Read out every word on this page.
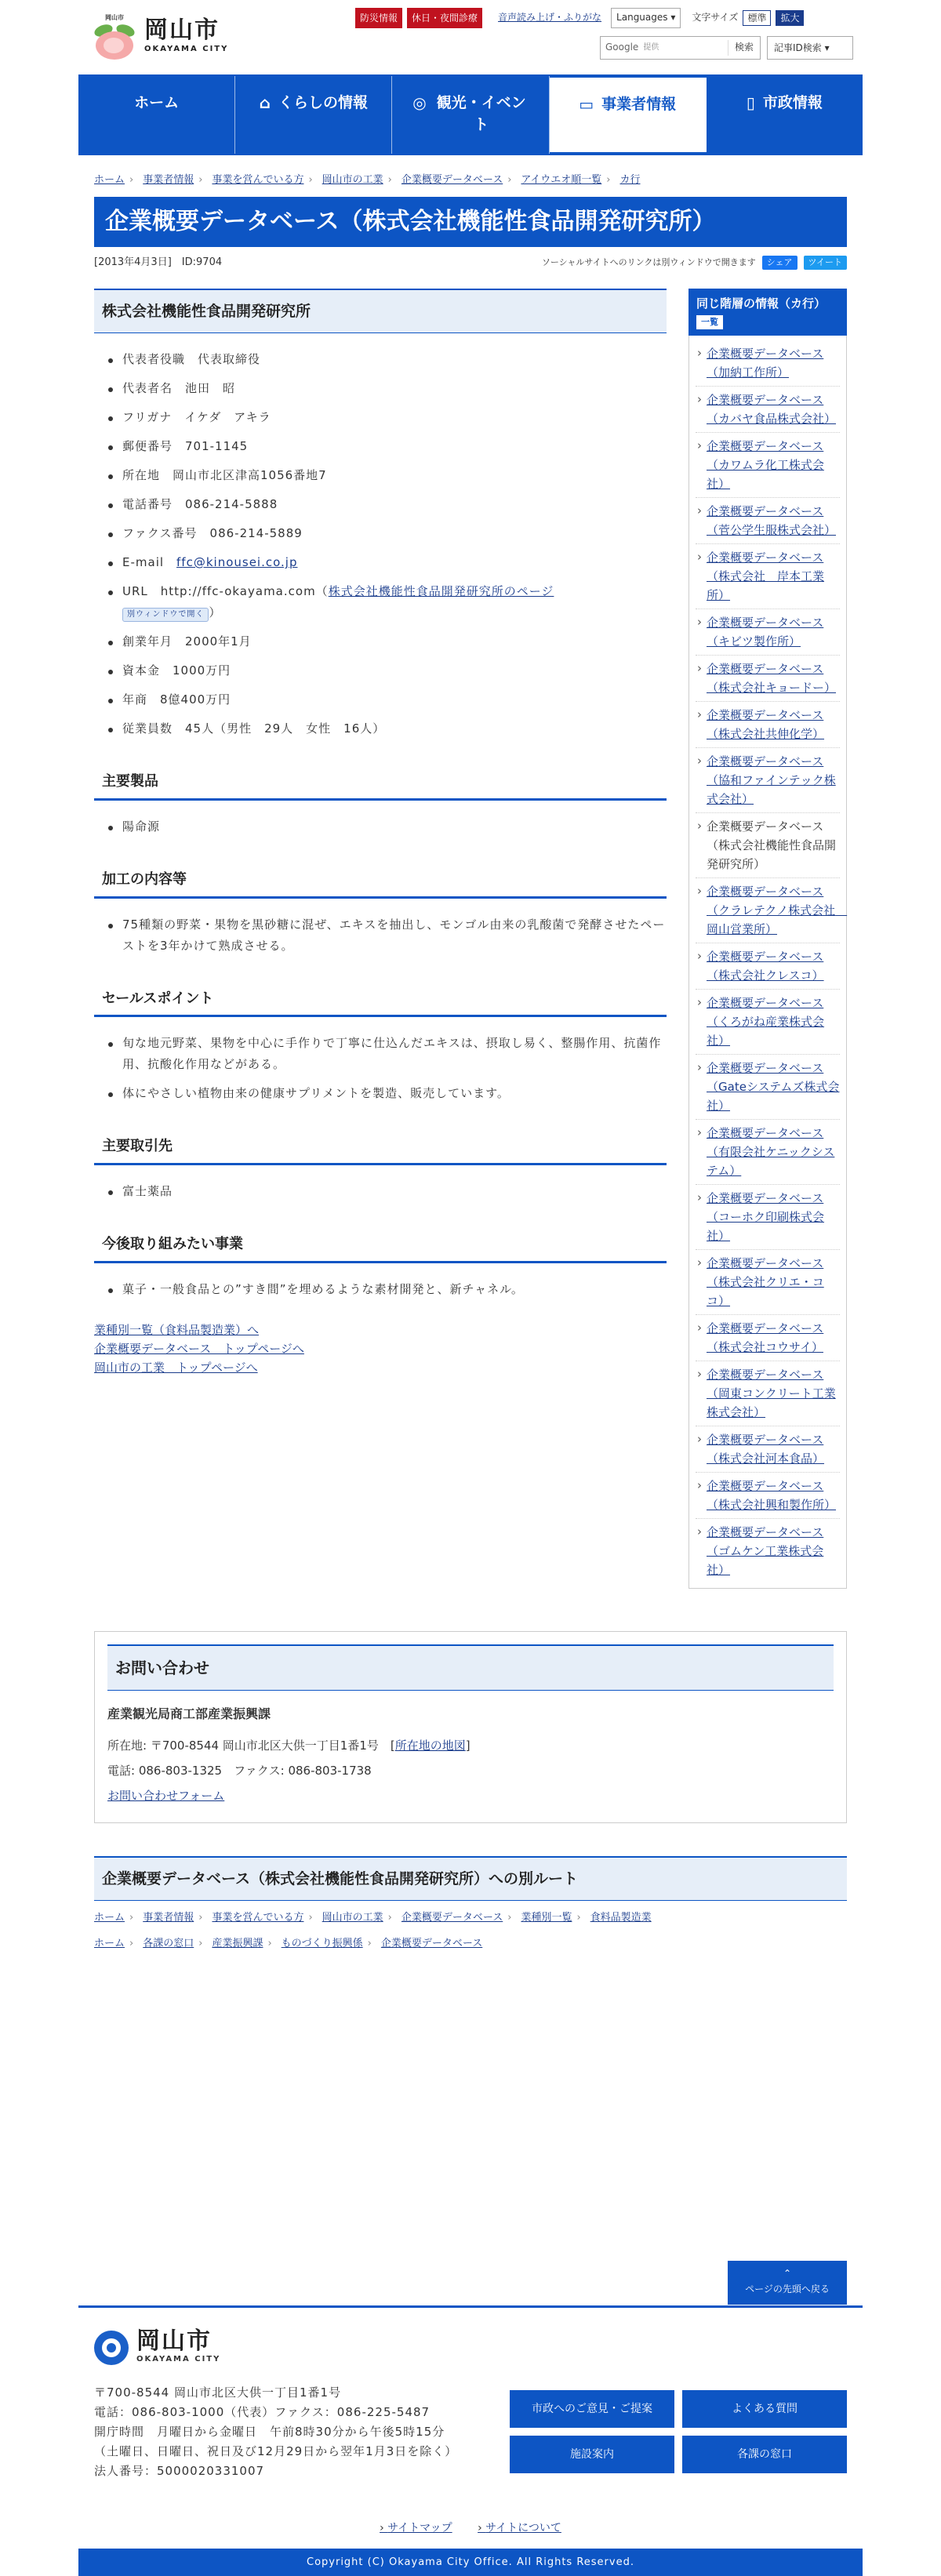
岡山市 岡山市
OKAYAMA CITY
防災情報	休日・夜間診療	音声読み上げ・ふりがな	Languages ▾	文字サイズ	標準	拡大
Google 提供	検索	記事ID検索 ▾
ホーム	⌂ くらしの情報	◎ 観光・イベント
▭ 事業者情報	▯ 市政情報
ホーム › 事業者情報 › 事業を営んでいる方 › 岡山市の工業 › 企業概要データベース › アイウエオ順一覧 › カ行
企業概要データベース（株式会社機能性食品開発研究所）
[2013年4月3日]　 ID:9704	ソーシャルサイトへのリンクは別ウィンドウで開きます	シェア	ツイート
株式会社機能性食品開発研究所
代表者役職　代表取締役
代表者名　池田　昭
フリガナ　イケダ　アキラ
郵便番号　701-1145
所在地　岡山市北区津高1056番地7
電話番号　086-214-5888
ファクス番号　086-214-5889
E-mail　ffc@kinousei.co.jp
URL　http://ffc-okayama.com（株式会社機能性食品開発研究所のページ
別ウィンドウで開く ）
創業年月　2000年1月
資本金　1000万円
年商　8億400万円
従業員数　45人（男性　29人　女性　16人）
主要製品
陽命源
加工の内容等
75種類の野菜・果物を黒砂糖に混ぜ、エキスを抽出し、モンゴル由来の乳酸菌で発酵させたペーストを3年かけて熟成させる。
セールスポイント
旬な地元野菜、果物を中心に手作りで丁寧に仕込んだエキスは、摂取し易く、整腸作用、抗菌作用、抗酸化作用などがある。
体にやさしい植物由来の健康サプリメントを製造、販売しています。
主要取引先
富士薬品
今後取り組みたい事業
菓子・一般食品との”すき間”を埋めるような素材開発と、新チャネル。
業種別一覧（食料品製造業）へ
企業概要データベース　トップページへ
岡山市の工業　トップページへ
同じ階層の情報（カ行）
一覧
› 企業概要データベース（加納工作所）
› 企業概要データベース（カバヤ食品株式会社）
› 企業概要データベース（カワムラ化工株式会社）
› 企業概要データベース（菅公学生服株式会社）
› 企業概要データベース（株式会社　岸本工業所）
› 企業概要データベース（キビツ製作所）
› 企業概要データベース（株式会社キョードー）
› 企業概要データベース（株式会社共伸化学）
› 企業概要データベース（協和ファインテック株式会社）
› 企業概要データベース（株式会社機能性食品開発研究所）
› 企業概要データベース（クラレテクノ株式会社　岡山営業所）
› 企業概要データベース（株式会社クレスコ）
› 企業概要データベース（くろがね産業株式会社）
› 企業概要データベース（Gateシステムズ株式会社）
› 企業概要データベース（有限会社ケニックシステム）
› 企業概要データベース（コーホク印刷株式会社）
› 企業概要データベース（株式会社クリエ・ココ）
› 企業概要データベース（株式会社コウサイ）
› 企業概要データベース（岡東コンクリート工業株式会社）
› 企業概要データベース（株式会社河本食品）
› 企業概要データベース（株式会社興和製作所）
› 企業概要データベース（ゴムケン工業株式会社）
お問い合わせ
産業観光局商工部産業振興課
所在地: 〒700-8544 岡山市北区大供一丁目1番1号　[所在地の地図]
電話: 086-803-1325　ファクス: 086-803-1738
お問い合わせフォーム
企業概要データベース（株式会社機能性食品開発研究所）への別ルート
ホーム › 事業者情報 › 事業を営んでいる方 › 岡山市の工業 › 企業概要データベース › 業種別一覧 › 食料品製造業
ホーム › 各課の窓口 › 産業振興課 › ものづくり振興係 › 企業概要データベース
⌃
ページの先頭へ戻る
岡山市
OKAYAMA CITY
〒700-8544 岡山市北区大供一丁目1番1号
電話：086-803-1000（代表）ファクス：086-225-5487
開庁時間　月曜日から金曜日　午前8時30分から午後5時15分
（土曜日、日曜日、祝日及び12月29日から翌年1月3日を除く）
法人番号：5000020331007
市政へのご意見・ご提案	よくある質問
施設案内	各課の窓口
› サイトマップ ›	サイトについて
Copyright (C) Okayama City Office. All Rights Reserved.
